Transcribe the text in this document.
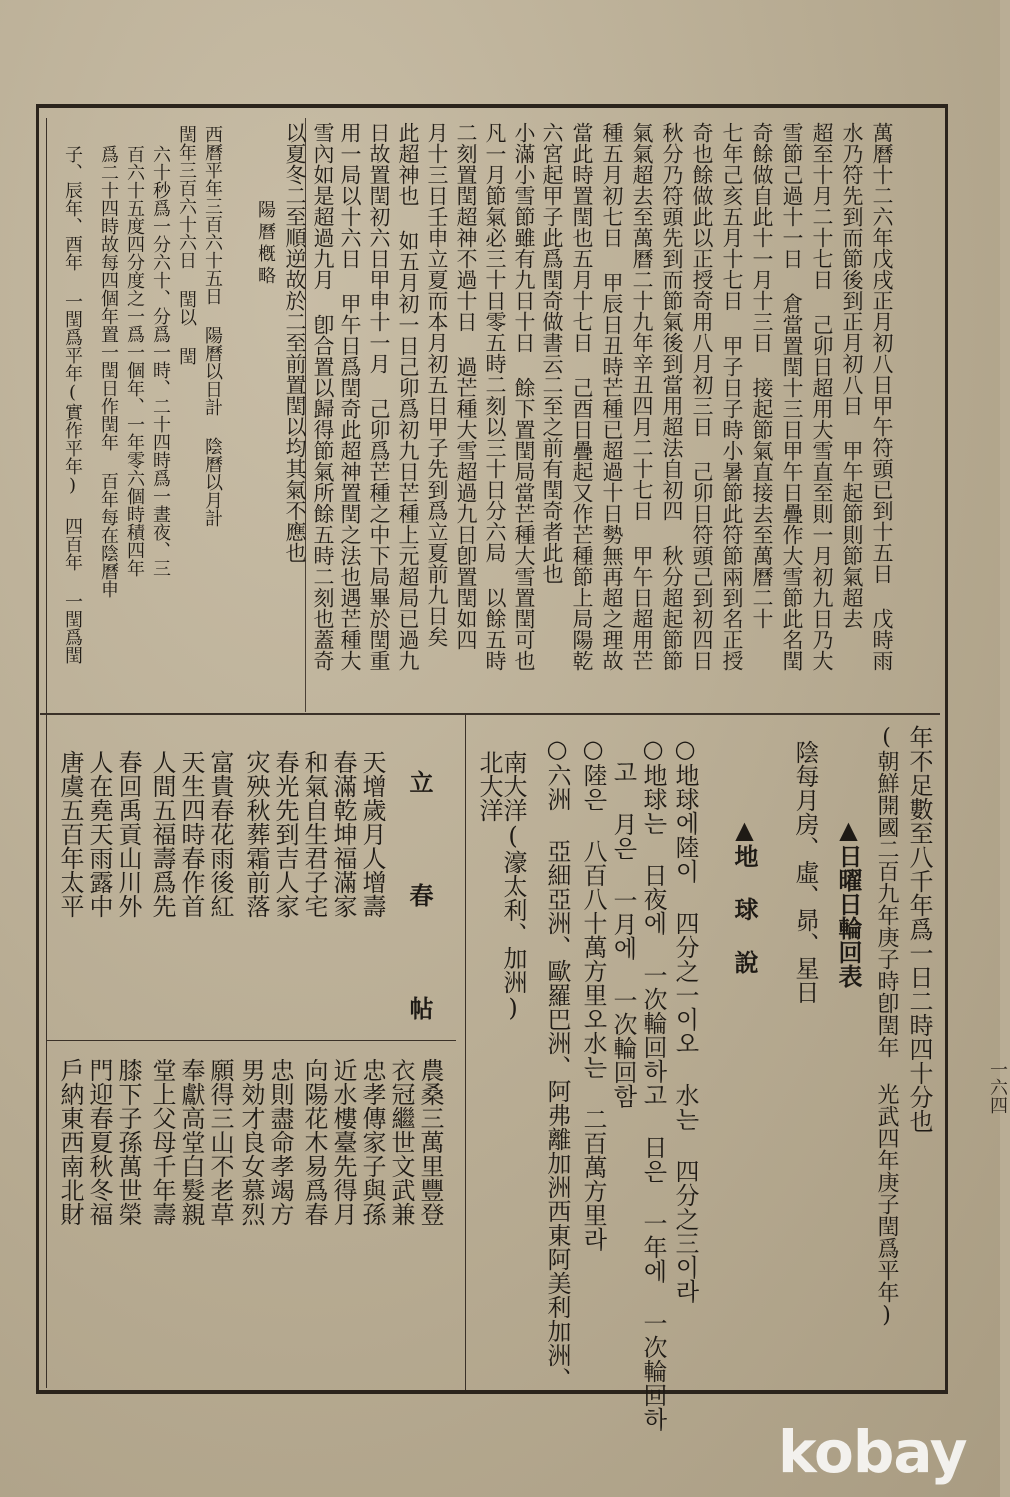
一六四
萬曆十二六年戊戌正月初八日甲午符頭已到十五日 戊時雨
水乃符先到而節後到正月初八日 甲午起節則節氣超去
超至十月二十七日 己卯日超用大雪直至則一月初九日乃大
雪節己過十一日 倉當置閏十三日甲午日疊作大雪節此名閏
奇餘做自此十一月十三日 接起節氣直接去至萬曆二十
七年己亥五月十七日 甲子日子時小暑節此符節兩到名正授
奇也餘做此以正授奇用八月初三日 己卯日符頭己到初四日
秋分乃符頭先到而節氣後到當用超法自初四 秋分超起節節
氣氣超去至萬曆二十九年辛丑四月二十七日 甲午日超用芒
種五月初七日 甲辰日丑時芒種已超過十日勢無再超之理故
當此時置閏也五月十七日 己酉日疊起又作芒種節上局陽乾
六宮起甲子此爲閏奇做書云二至之前有閏奇者此也
小滿小雪節雖有九日十日 餘下置閏局當芒種大雪置閏可也
凡一月節氣必三十日零五時二刻以三十日分六局 以餘五時
二刻置閏超神不過十日 過芒種大雪超過九日卽置閏如四
月十三日壬申立夏而本月初五日甲子先到爲立夏前九日矣
此超神也 如五月初一日己卯爲初九日芒種上元超局已過九
日故置閏初六日甲申十一月 己卯爲芒種之中下局畢於閏重
用一局以十六日 甲午日爲閏奇此超神置閏之法也遇芒種大
雪內如是超過九月 卽合置以歸得節氣所餘五時二刻也蓋奇
以夏冬二至順逆故於二至前置閏以均其氣不應也
陽曆槪略
西曆平年三百六十五日 陽曆以日計 陰曆以月計
閏年三百六十六日 閏以 閏
六十秒爲一分六十、分爲一時、二十四時爲一晝夜、三
百六十五度四分度之一爲一個年、一年零六個時積四年
爲二十四時故每四個年置一閏日作閏年 百年每在陰曆申
子、辰年、酉年 一閏爲平年(實作平年) 四百年 一閏爲閏
年不足數至八千年爲一日二時四十分也
(朝鮮開國二百九年庚子時卽閏年 光武四年庚子閏爲平年)
▲日曜日輪回表
陰每月房、虛、昴、星日
▲地 球 說
○地球에陸이 四分之一이오 水는 四分之三이라
○地球는 日夜에 一次輪回하고 日은 一年에 一次輪回하
고 月은 一月에 一次輪回함
○陸은 八百八十萬方里오水는 二百萬方里라
○六洲 亞細亞洲、歐羅巴洲、阿弗離加洲西東阿美利加洲、
南大洋(濠太利、加洲)
北大洋
立 春 帖
天增歲月人增壽
春滿乾坤福滿家
和氣自生君子宅
春光先到吉人家
灾殃秋葬霜前落
富貴春花雨後紅
天生四時春作首
人間五福壽爲先
春回禹貢山川外
人在堯天雨露中
唐虞五百年太平
農桑三萬里豐登
衣冠繼世文武兼
忠孝傳家子與孫
近水樓臺先得月
向陽花木易爲春
忠則盡命孝竭方
男効才良女慕烈
願得三山不老草
奉獻高堂白髮親
堂上父母千年壽
膝下子孫萬世榮
門迎春夏秋冬福
戶納東西南北財
kobay
